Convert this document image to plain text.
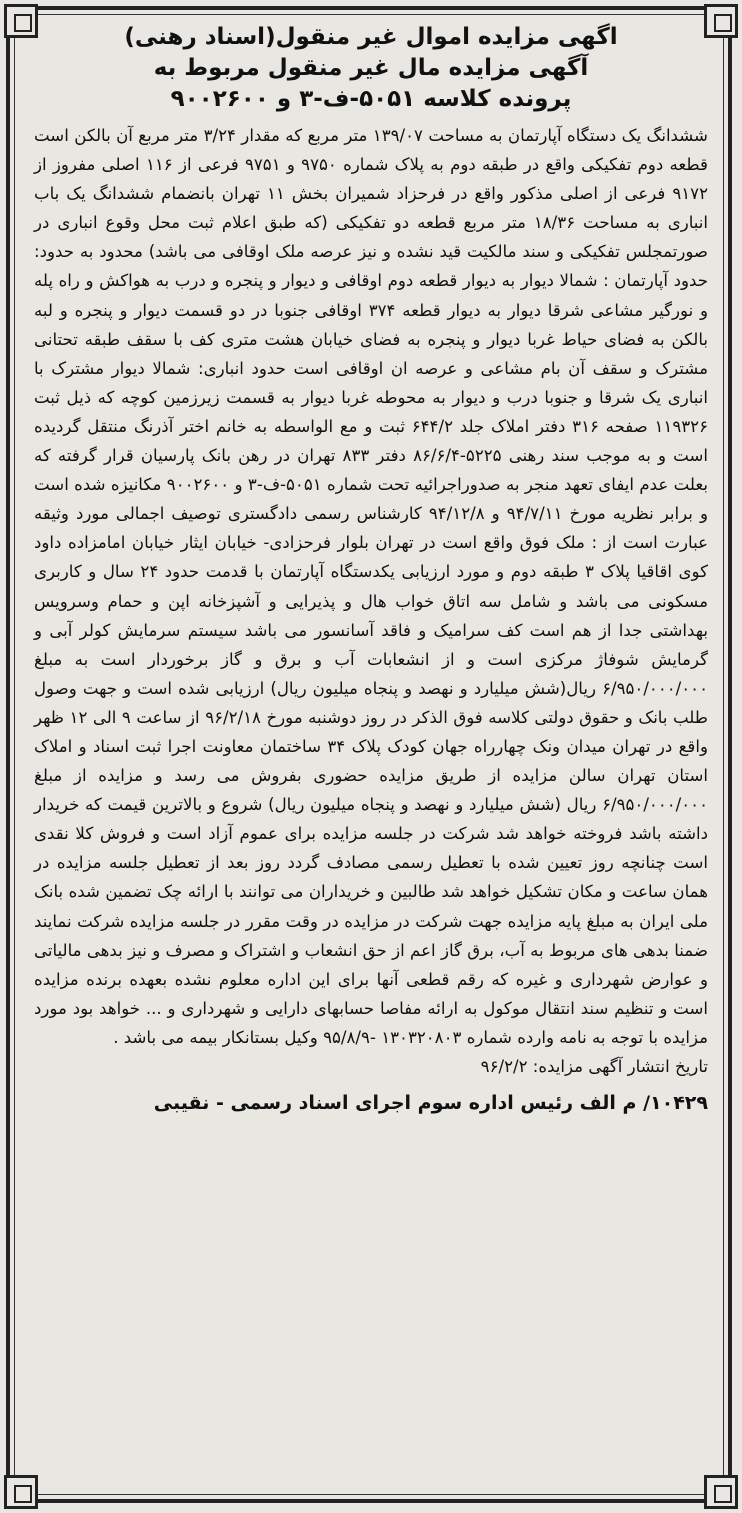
اگهی مزایده اموال غیر منقول(اسناد رهنی)

آگهی مزایده مال غیر منقول مربوط به

پرونده کلاسه ۵۰۵۱-ف-۳ و ۹۰۰۲۶۰۰

ششدانگ یک دستگاه آپارتمان به مساحت ۱۳۹/۰۷ متر مربع که مقدار ۳/۲۴ متر مربع آن بالکن است قطعه دوم تفکیکی واقع در طبقه دوم به پلاک شماره ۹۷۵۰ و ۹۷۵۱ فرعی از ۱۱۶ اصلی مفروز از ۹۱۷۲ فرعی از اصلی مذکور واقع در فرحزاد شمیران بخش ۱۱ تهران بانضمام ششدانگ یک باب انباری به مساحت ۱۸/۳۶ متر مربع قطعه دو تفکیکی (که طبق اعلام ثبت محل وقوع انباری در صورتمجلس تفکیکی و سند مالکیت قید نشده و نیز عرصه ملک اوقافی می باشد) محدود به حدود: حدود آپارتمان : شمالا دیوار به دیوار قطعه دوم اوقافی و دیوار و پنجره و درب به هواکش و راه پله و نورگیر مشاعی شرقا دیوار به دیوار قطعه ۳۷۴ اوقافی جنوبا در دو قسمت دیوار و پنجره و لبه بالکن به فضای حیاط غربا دیوار و پنجره به فضای خیابان هشت متری کف با سقف طبقه تحتانی مشترک و سقف آن بام مشاعی و عرصه ان اوقافی است حدود انباری: شمالا دیوار مشترک با انباری یک شرقا و جنوبا درب و دیوار به محوطه غربا دیوار به قسمت زیرزمین کوچه که ذیل ثبت ۱۱۹۳۲۶ صفحه ۳۱۶ دفتر املاک جلد ۶۴۴/۲ ثبت و مع الواسطه به خانم اختر آذرنگ منتقل گردیده است و به موجب سند رهنی ۵۲۲۵-۸۶/۶/۴ دفتر ۸۳۳ تهران در رهن بانک پارسیان قرار گرفته که بعلت عدم ایفای تعهد منجر به صدوراجرائیه تحت شماره ۵۰۵۱-ف-۳ و ۹۰۰۲۶۰۰ مکانیزه شده است و برابر نظریه مورخ ۹۴/۷/۱۱ و ۹۴/۱۲/۸ کارشناس رسمی دادگستری توصیف اجمالی مورد وثیقه عبارت است از : ملک فوق واقع است در تهران بلوار فرحزادی- خیابان ایثار خیابان امامزاده داود کوی اقاقیا پلاک ۳ طبقه دوم و مورد ارزیابی یکدستگاه آپارتمان با قدمت حدود ۲۴ سال و کاربری مسکونی می باشد و شامل سه اتاق خواب هال و پذیرایی و آشپزخانه اپن و حمام وسرویس بهداشتی جدا از هم است کف سرامیک و فاقد آسانسور می باشد سیستم سرمایش کولر آبی و گرمایش شوفاژ مرکزی است و از انشعابات آب و برق و گاز برخوردار است به مبلغ ۶/۹۵۰/۰۰۰/۰۰۰ ریال(شش میلیارد و نهصد و پنجاه میلیون ریال) ارزیابی شده است و جهت وصول طلب بانک و حقوق دولتی کلاسه فوق الذکر در روز دوشنبه مورخ ۹۶/۲/۱۸ از ساعت ۹ الی ۱۲ ظهر واقع در تهران میدان ونک چهارراه جهان کودک پلاک ۳۴ ساختمان معاونت اجرا ثبت اسناد و املاک استان تهران سالن مزایده از طریق مزایده حضوری بفروش می رسد و مزایده از مبلغ ۶/۹۵۰/۰۰۰/۰۰۰ ریال (شش میلیارد و نهصد و پنجاه میلیون ریال) شروع و بالاترین قیمت که خریدار داشته باشد فروخته خواهد شد شرکت در جلسه مزایده برای عموم آزاد است و فروش کلا نقدی است چنانچه روز تعیین شده با تعطیل رسمی مصادف گردد روز بعد از تعطیل جلسه مزایده در همان ساعت و مکان تشکیل خواهد شد طالبین و خریداران می توانند با ارائه چک تضمین شده بانک ملی ایران به مبلغ پایه مزایده جهت شرکت در مزایده در وقت مقرر در جلسه مزایده شرکت نمایند ضمنا بدهی های مربوط به آب، برق گاز اعم از حق انشعاب و اشتراک و مصرف و نیز بدهی مالیاتی و عوارض شهرداری و غیره که رقم قطعی آنها برای این اداره معلوم نشده بعهده برنده مزایده است و تنظیم سند انتقال موکول به ارائه مفاصا حسابهای دارایی و شهرداری و ... خواهد بود مورد مزایده با توجه به نامه وارده شماره ۱۳۰۳۲۰۸۰۳ -۹۵/۸/۹ وکیل بستانکار بیمه می باشد .

تاریخ انتشار آگهی مزایده: ۹۶/۲/۲

۱۰۴۲۹/ م الف رئیس اداره سوم اجرای اسناد رسمی - نقیبی
